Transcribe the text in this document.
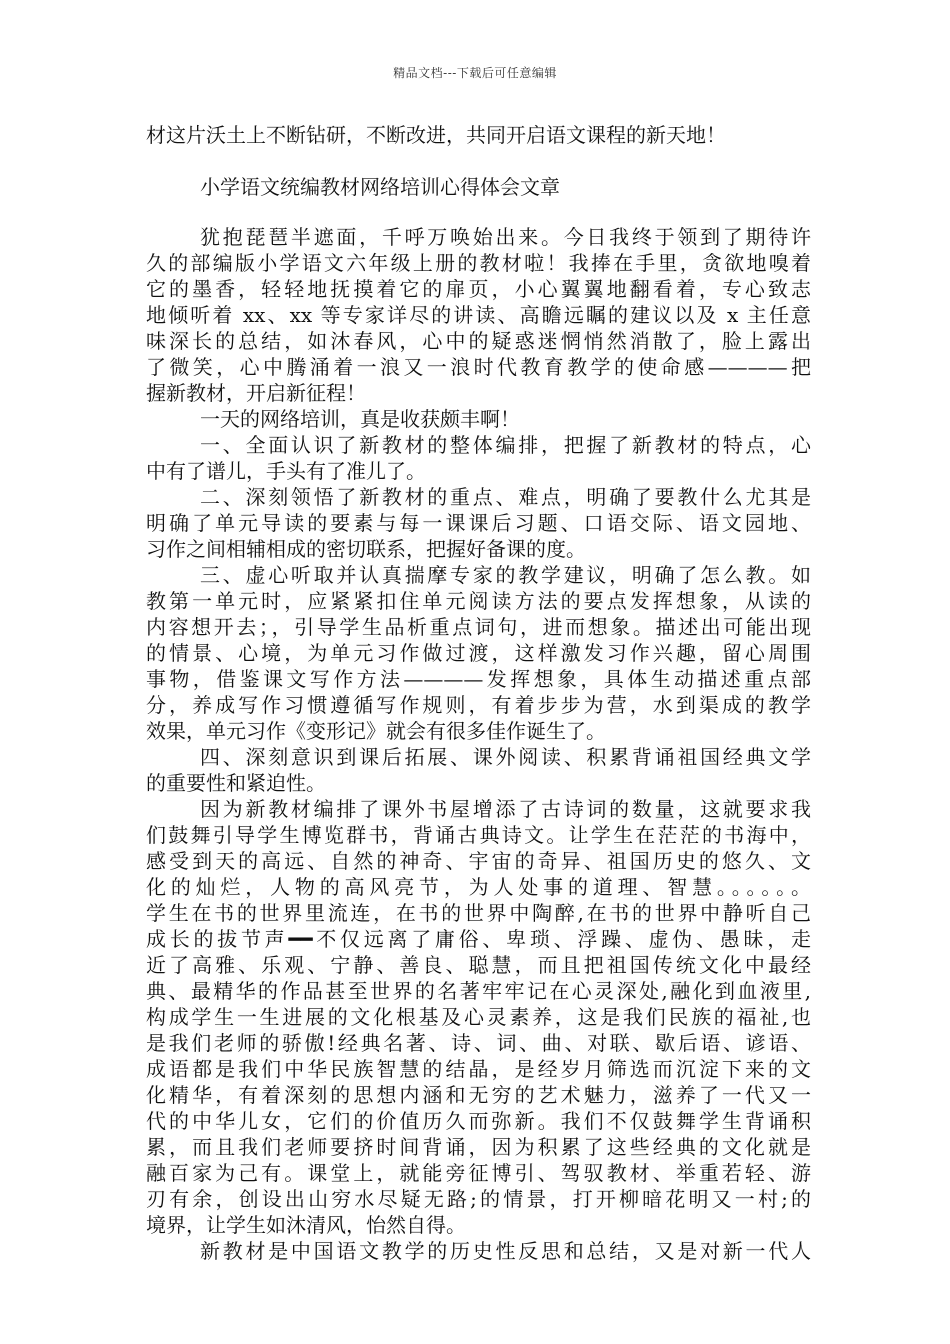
精品文档---下载后可任意编辑
材这片沃土上不断钻研，不断改进，共同开启语文课程的新天地！
小学语文统编教材网络培训心得体会文章
犹抱琵琶半遮面，千呼万唤始出来。今日我终于领到了期待许
久的部编版小学语文六年级上册的教材啦！我捧在手里，贪欲地嗅着
它的墨香，轻轻地抚摸着它的扉页，小心翼翼地翻看着，专心致志
地倾听着 xx、xx 等专家详尽的讲读、高瞻远瞩的建议以及 x 主任意
味深长的总结，如沐春风，心中的疑惑迷惘悄然消散了，脸上露出
了微笑，心中腾涌着一浪又一浪时代教育教学的使命感————把
握新教材，开启新征程！
一天的网络培训，真是收获颇丰啊！
一、全面认识了新教材的整体编排，把握了新教材的特点，心
中有了谱儿，手头有了准儿了。
二、深刻领悟了新教材的重点、难点，明确了要教什么尤其是
明确了单元导读的要素与每一课课后习题、口语交际、语文园地、
习作之间相辅相成的密切联系，把握好备课的度。
三、虚心听取并认真揣摩专家的教学建议，明确了怎么教。如
教第一单元时，应紧紧扣住单元阅读方法的要点发挥想象，从读的
内容想开去；，引导学生品析重点词句，进而想象。描述出可能出现
的情景、心境，为单元习作做过渡，这样激发习作兴趣，留心周围
事物，借鉴课文写作方法————发挥想象，具体生动描述重点部
分，养成写作习惯遵循写作规则，有着步步为营，水到渠成的教学
效果，单元习作《变形记》就会有很多佳作诞生了。
四、深刻意识到课后拓展、课外阅读、积累背诵祖国经典文学
的重要性和紧迫性。
因为新教材编排了课外书屋增添了古诗词的数量，这就要求我
们鼓舞引导学生博览群书，背诵古典诗文。让学生在茫茫的书海中，
感受到天的高远、自然的神奇、宇宙的奇异、祖国历史的悠久、文
化的灿烂，人物的高风亮节，为人处事的道理、智慧。。。。。。
学生在书的世界里流连，在书的世界中陶醉,在书的世界中静听自己
成长的拔节声━━不仅远离了庸俗、卑琐、浮躁、虚伪、愚昧，走
近了高雅、乐观、宁静、善良、聪慧，而且把祖国传统文化中最经
典、最精华的作品甚至世界的名著牢牢记在心灵深处,融化到血液里,
构成学生一生进展的文化根基及心灵素养，这是我们民族的福祉,也
是我们老师的骄傲!经典名著、诗、词、曲、对联、歇后语、谚语、
成语都是我们中华民族智慧的结晶，是经岁月筛选而沉淀下来的文
化精华，有着深刻的思想内涵和无穷的艺术魅力，滋养了一代又一
代的中华儿女，它们的价值历久而弥新。我们不仅鼓舞学生背诵积
累，而且我们老师要挤时间背诵，因为积累了这些经典的文化就是
融百家为己有。课堂上，就能旁征博引、驾驭教材、举重若轻、游
刃有余，创设出山穷水尽疑无路;的情景，打开柳暗花明又一村;的
境界，让学生如沐清风，怡然自得。
新教材是中国语文教学的历史性反思和总结，又是对新一代人
